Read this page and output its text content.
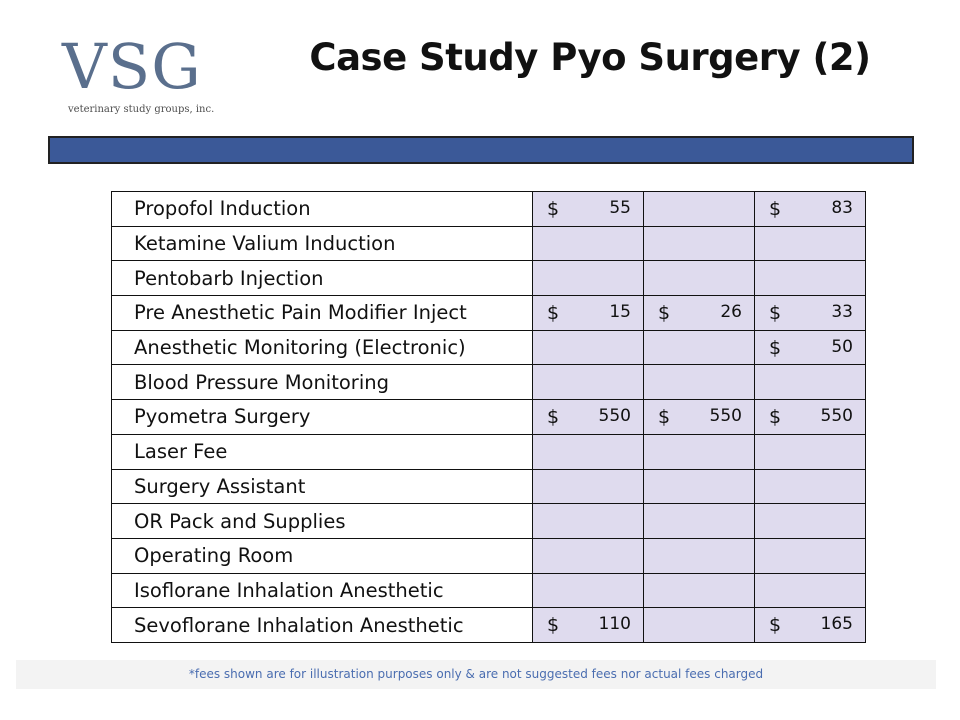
VSG
veterinary study groups, inc.
Case Study Pyo Surgery (2)
Propofol Induction	$ 55		$ 83

Ketamine Valium Induction			
Pentobarb Injection			
Pre Anesthetic Pain Modifier Inject	$ 15	$ 26	$ 33

Anesthetic Monitoring (Electronic)			$ 50

Blood Pressure Monitoring			
Pyometra Surgery	$ 550	$ 550	$ 550

Laser Fee			
Surgery Assistant			
OR Pack and Supplies			
Operating Room			
Isoflorane Inhalation Anesthetic			
Sevoflorane Inhalation Anesthetic	$ 110		$ 165
*fees shown are for illustration purposes only & are not suggested fees nor actual fees charged
